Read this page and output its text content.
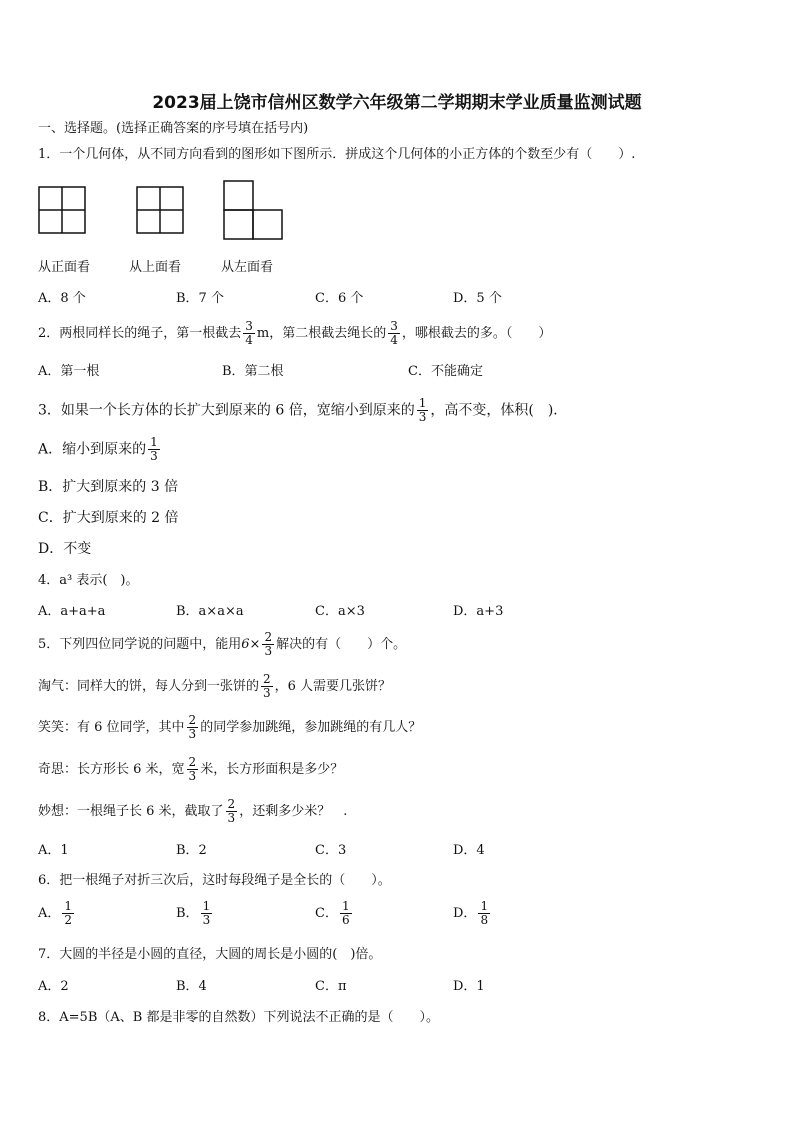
2023届上饶市信州区数学六年级第二学期期末学业质量监测试题
一、选择题。(选择正确答案的序号填在括号内)
1．一个几何体，从不同方向看到的图形如下图所示．拼成这个几何体的小正方体的个数至少有（　　）.
从正面看	从上面看	从左面看
A．8 个	B．7 个	C．6 个	D．5 个
2．两根同样长的绳子，第一根截去 $\frac{3}{4}$ m，第二根截去绳长的 $\frac{3}{4}$ ，哪根截去的多。（　　）
A．第一根	B．第二根	C．不能确定
3．如果一个长方体的长扩大到原来的 6 倍，宽缩小到原来的 $\frac{1}{3}$ ，高不变，体积(　)．
A．缩小到原来的 $\frac{1}{3}$
B．扩大到原来的 3 倍
C．扩大到原来的 2 倍
D．不变
4．a³ 表示(　)。
A．a+a+a	B．a×a×a	C．a×3	D．a+3
5．下列四位同学说的问题中，能用$6\times \frac{2}{3}$ 解决的有（　　）个。
淘气：同样大的饼，每人分到一张饼的 $\frac{2}{3}$ ，6 人需要几张饼？
笑笑：有 6 位同学，其中 $\frac{2}{3}$ 的同学参加跳绳，参加跳绳的有几人？
奇思：长方形长 6 米，宽 $\frac{2}{3}$ 米，长方形面积是多少？
妙想：一根绳子长 6 米，截取了 $\frac{2}{3}$ ，还剩多少米？　.
A．1	B．2	C．3	D．4
6．把一根绳子对折三次后，这时每段绳子是全长的（　　）。
A． $\frac{1}{2}$	B． $\frac{1}{3}$	C． $\frac{1}{6}$	D． $\frac{1}{8}$
7．大圆的半径是小圆的直径，大圆的周长是小圆的(　)倍。
A．2	B．4	C．π	D．1
8．A=5B（A、B 都是非零的自然数）下列说法不正确的是（　　）。
